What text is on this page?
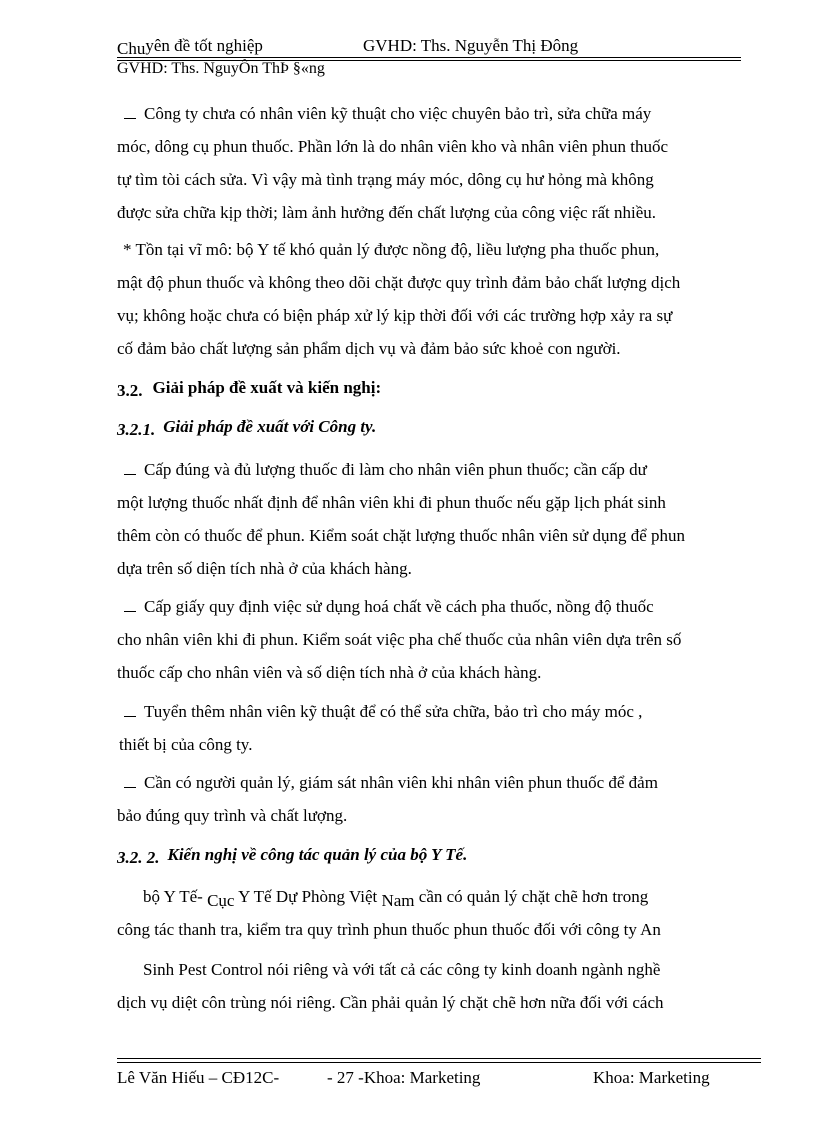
Chuyên đề tốt nghiệp	GVHD: Ths. Nguyễn Thị Đông
GVHD: Ths. NguyÔn ThÞ §«ng
Công ty chưa có nhân viên kỹ thuật cho việc chuyên bảo trì, sửa chữa máy
móc, dông cụ phun thuốc. Phần lớn là do nhân viên kho và nhân viên phun thuốc
tự tìm tòi cách sửa. Vì vậy mà tình trạng máy móc, dông cụ hư hỏng mà không
được sửa chữa kịp thời; làm ảnh hưởng đến chất lượng của công việc rất nhiều.
* Tồn tại vĩ mô: bộ Y tế khó quản lý được nồng độ, liều lượng pha thuốc phun,
mật độ phun thuốc và không theo dõi chặt được quy trình đảm bảo chất lượng dịch
vụ; không hoặc chưa có biện pháp xử lý kịp thời đối với các trường hợp xảy ra sự
cố đảm bảo chất lượng sản phẩm dịch vụ và đảm bảo sức khoẻ con người.
3.2. Giải pháp đề xuất và kiến nghị:
3.2.1. Giải pháp đề xuất với Công ty.
Cấp đúng và đủ lượng thuốc đi làm cho nhân viên phun thuốc; cần cấp dư
một lượng thuốc nhất định để nhân viên khi đi phun thuốc nếu gặp lịch phát sinh
thêm còn có thuốc để phun. Kiểm soát chặt lượng thuốc nhân viên sử dụng để phun
dựa trên số diện tích nhà ở của khách hàng.
Cấp giấy quy định việc sử dụng hoá chất về cách pha thuốc, nồng độ thuốc
cho nhân viên khi đi phun. Kiểm soát việc pha chế thuốc của nhân viên dựa trên số
thuốc cấp cho nhân viên và số diện tích nhà ở của khách hàng.
Tuyển thêm nhân viên kỹ thuật để có thể sửa chữa, bảo trì cho máy móc ,
thiết bị của công ty.
Cần có người quản lý, giám sát nhân viên khi nhân viên phun thuốc để đảm
bảo đúng quy trình và chất lượng.
3.2. 2. Kiến nghị về công tác quản lý của bộ Y Tế.
bộ Y Tế- Cục Y Tế Dự Phòng Việt Nam cần có quản lý chặt chẽ hơn trong
công tác thanh tra, kiểm tra quy trình phun thuốc phun thuốc đối với công ty An
Sinh Pest Control nói riêng và với tất cả các công ty kinh doanh ngành nghề
dịch vụ diệt côn trùng nói riêng. Cần phải quản lý chặt chẽ hơn nữa đối với cách
Lê Văn Hiếu – CĐ12C-	- 27 -Khoa: Marketing	Khoa: Marketing
